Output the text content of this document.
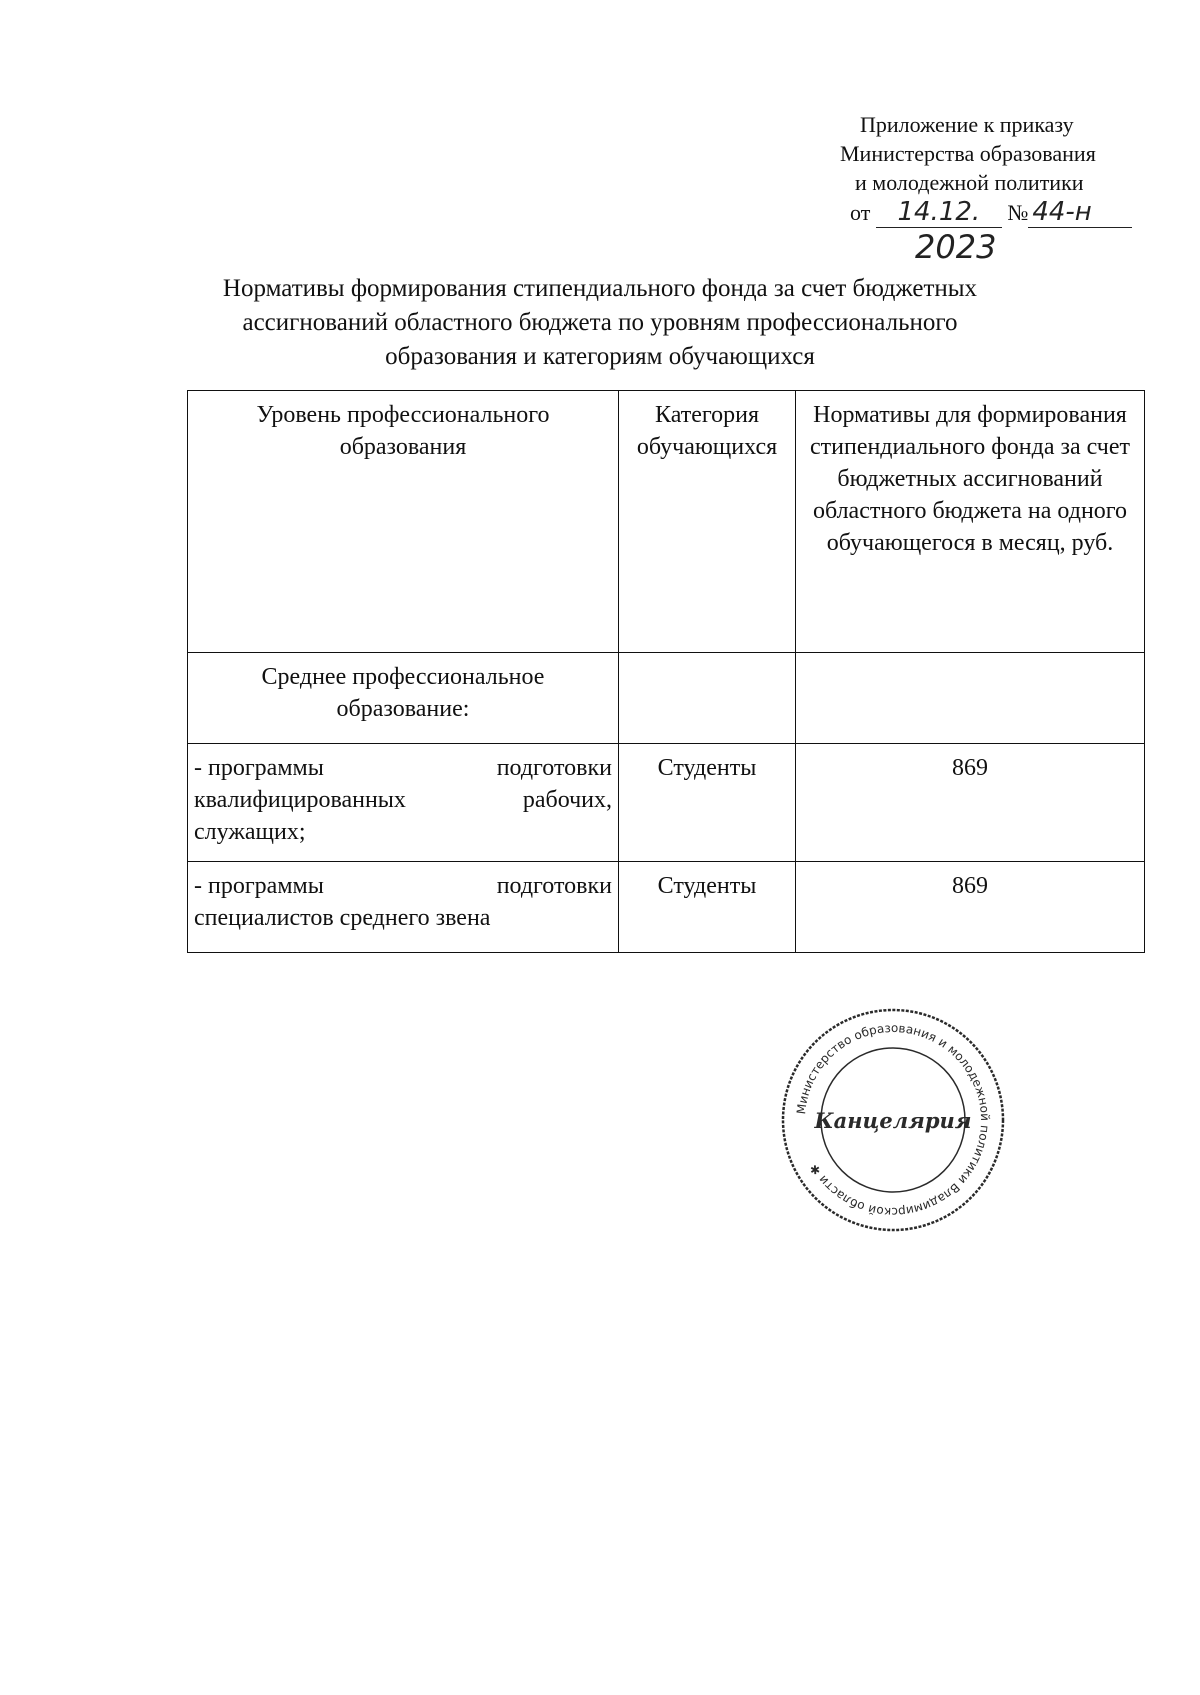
Приложение к приказу
Министерства образования
и молодежной политики
от 14.12. № 44-н
2023
Нормативы формирования стипендиального фонда за счет бюджетных
ассигнований областного бюджета по уровням профессионального
образования и категориям обучающихся
Уровень профессионального образования	Категория обучающихся	Нормативы для формирования стипендиального фонда за счет бюджетных ассигнований областного бюджета на одного обучающегося в месяц, руб.
Среднее профессиональное образование:		

- программы подготовки
квалифицированных рабочих,
служащих;	Студенты	869

- программы подготовки
специалистов среднего звена	Студенты	869
Министерство образования и молодежной политики Владимирской области ✱
Канцелярия
